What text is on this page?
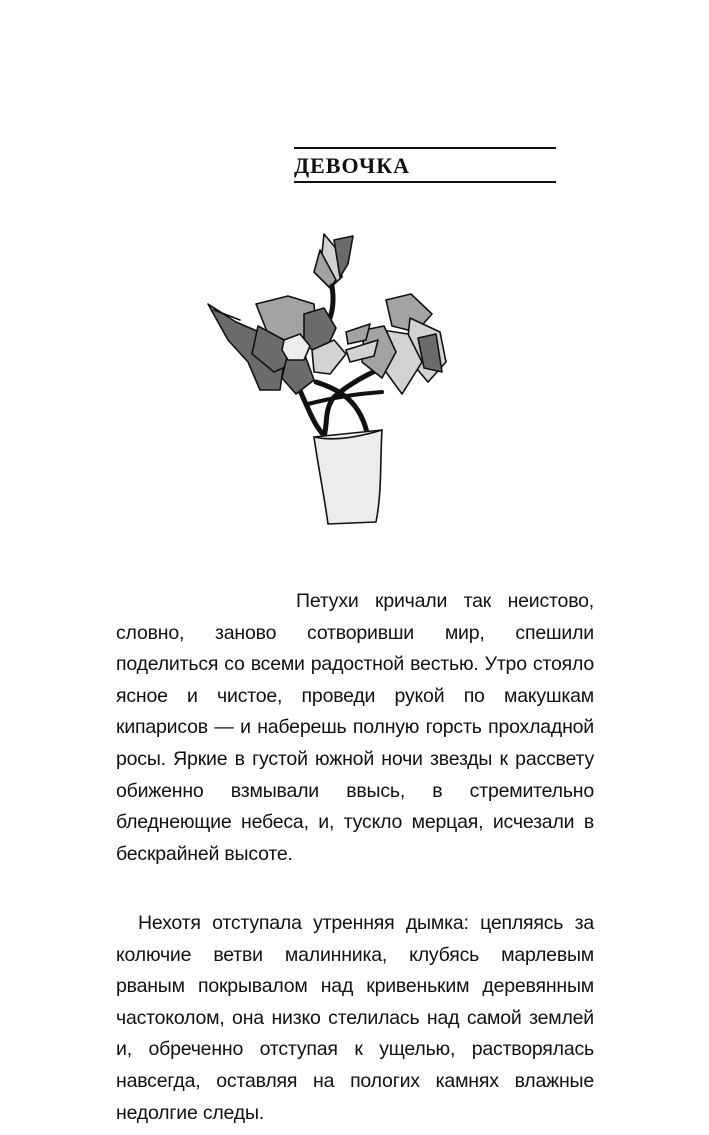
ДЕВОЧКА

Петухи кричали так неистово, словно, заново сотворивши мир, спешили поделиться со всеми радостной вестью. Утро стояло ясное и чистое, проведи рукой по макушкам кипарисов — и наберешь полную горсть прохладной росы. Яркие в густой южной ночи звезды к рассвету обиженно взмывали ввысь, в стремительно бледнеющие небеса, и, тускло мерцая, исчезали в бескрайней высоте.

Нехотя отступала утренняя дымка: цепляясь за колючие ветви малинника, клубясь марлевым рваным покрывалом над кривеньким деревянным частоколом, она низко стелилась над самой землей и, обреченно отступая к ущелью, растворялась навсегда, оставляя на пологих камнях влажные недолгие следы.
